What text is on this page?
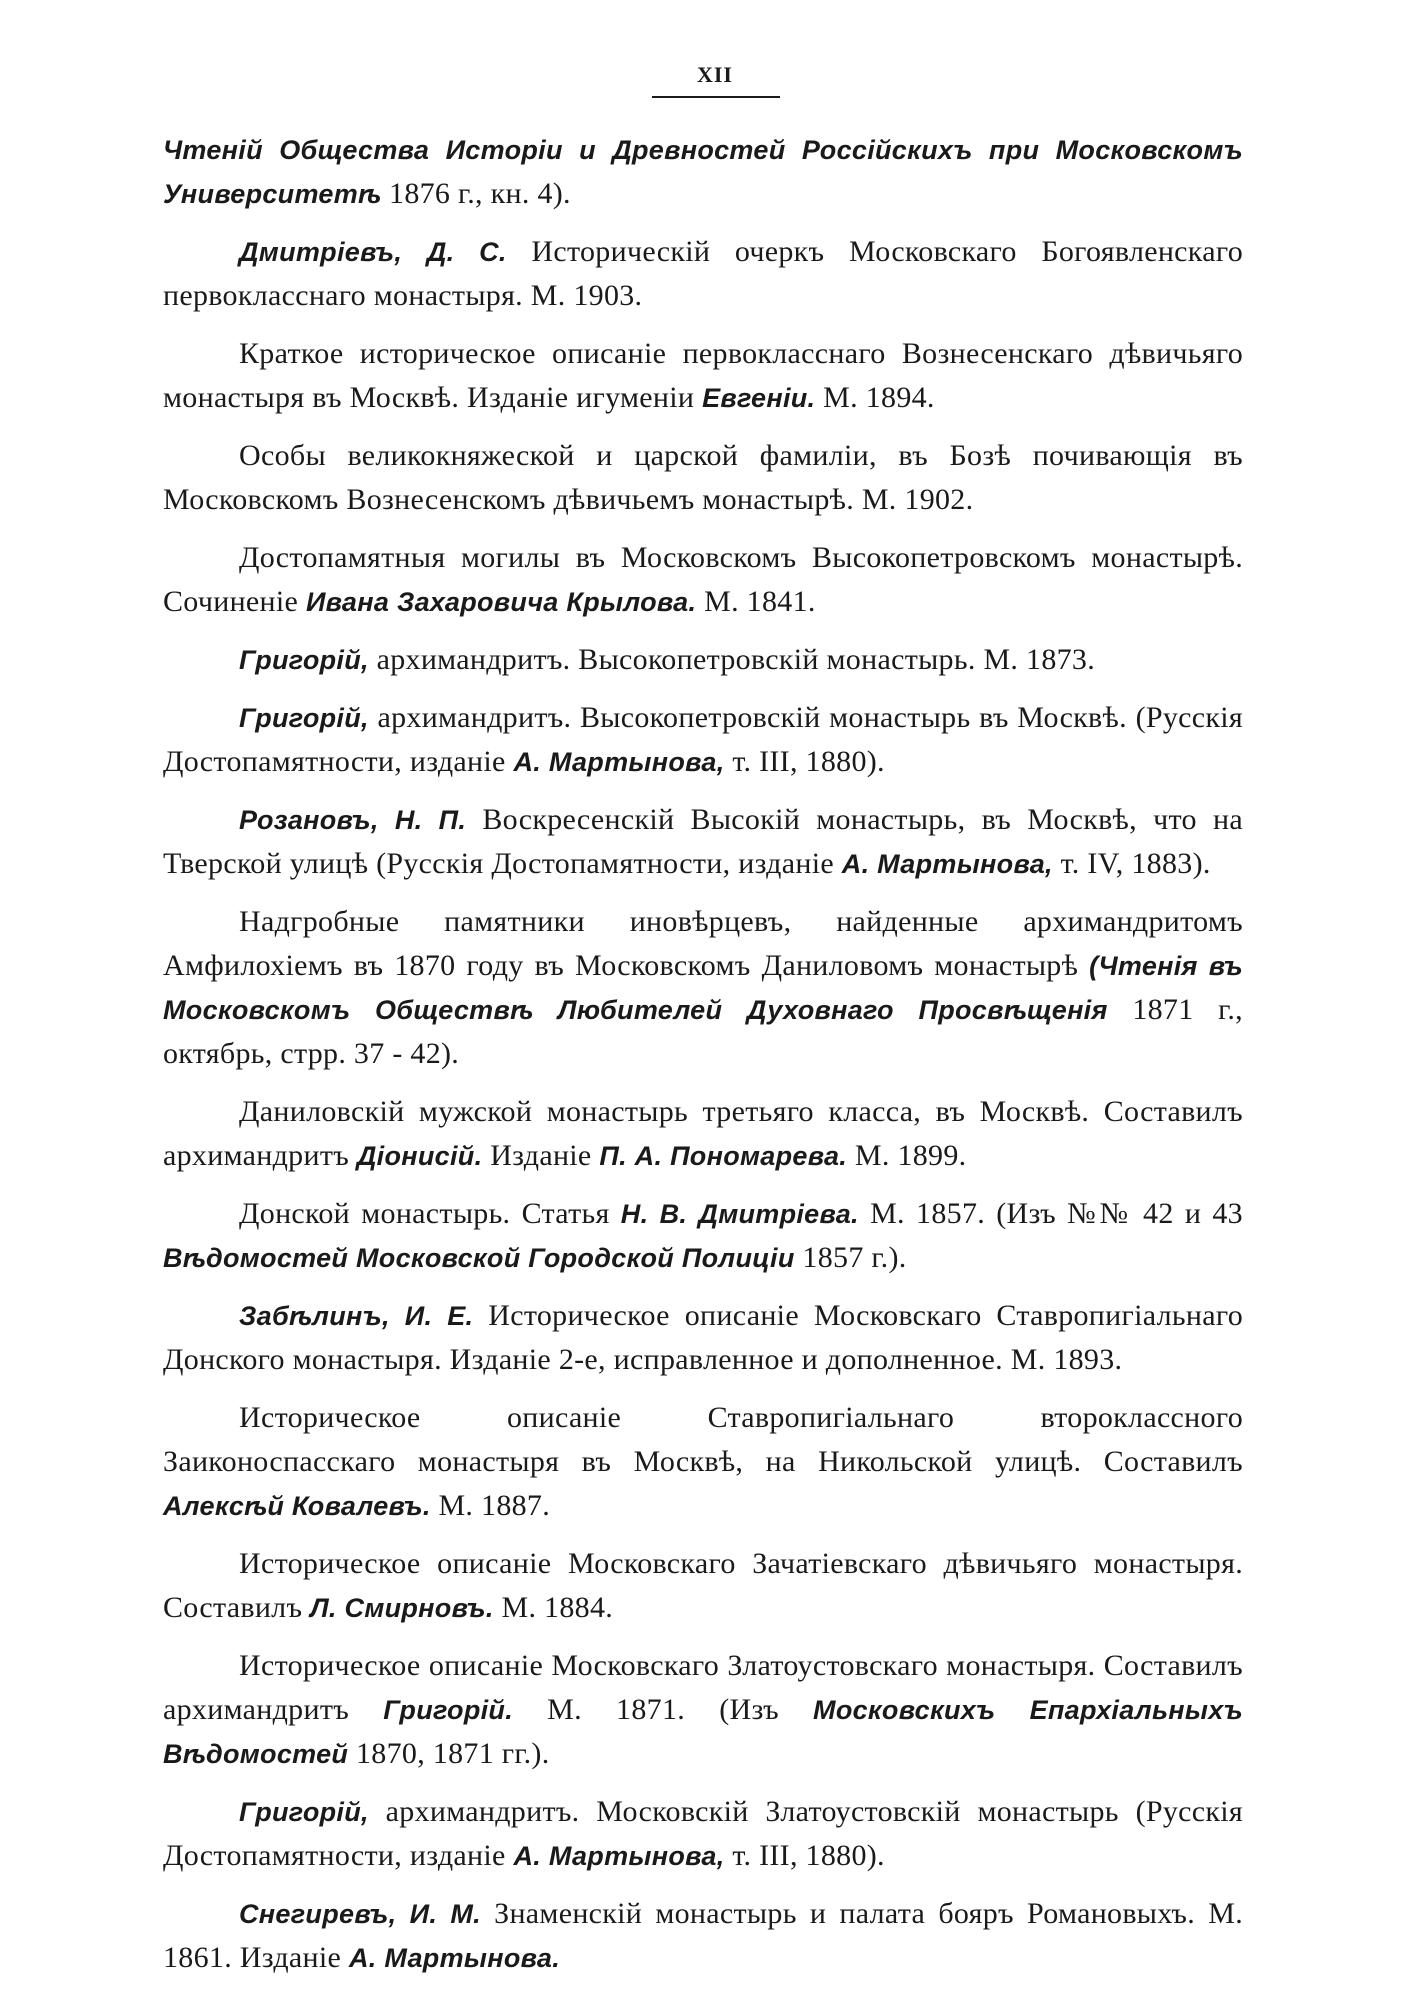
XII

Чтенiй Общества Исторiи и Древностей Россiйскихъ при Московскомъ Университетѣ 1876 г., кн. 4).

Дмитрiевъ, Д. С. Историческiй очеркъ Московскаго Богоявленскаго первокласснаго монастыря. М. 1903.

Краткое историческое описанiе первокласснаго Вознесенскаго дѣвичьяго монастыря въ Москвѣ. Изданiе игуменiи Евгенiи. М. 1894.

Особы великокняжеской и царской фамилiи, въ Бозѣ почивающiя въ Московскомъ Вознесенскомъ дѣвичьемъ монастырѣ. М. 1902.

Достопамятныя могилы въ Московскомъ Высокопетровскомъ монастырѣ. Сочиненiе Ивана Захаровича Крылова. М. 1841.

Григорiй, архимандритъ. Высокопетровскiй монастырь. М. 1873.

Григорiй, архимандритъ. Высокопетровскiй монастырь въ Москвѣ. (Русскiя Достопамятности, изданiе А. Мартынова, т. III, 1880).

Розановъ, Н. П. Воскресенскiй Высокiй монастырь, въ Москвѣ, что на Тверской улицѣ (Русскiя Достопамятности, изданiе А. Мартынова, т. IV, 1883).

Надгробные памятники иновѣрцевъ, найденные архимандритомъ Амфилохiемъ въ 1870 году въ Московскомъ Даниловомъ монастырѣ (Чтенiя въ Московскомъ Обществѣ Любителей Духовнаго Просвѣщенiя 1871 г., октябрь, стрр. 37 - 42).

Даниловскiй мужской монастырь третьяго класса, въ Москвѣ. Составилъ архимандритъ Дiонисiй. Изданiе П. А. Пономарева. М. 1899.

Донской монастырь. Статья Н. В. Дмитрiева. М. 1857. (Изъ №№ 42 и 43 Вѣдомостей Московской Городской Полицiи 1857 г.).

Забѣлинъ, И. Е. Историческое описанiе Московскаго Ставропигiальнаго Донского монастыря. Изданiе 2-е, исправленное и дополненное. М. 1893.

Историческое описанiе Ставропигiальнаго второклассного Заиконоспасскаго монастыря въ Москвѣ, на Никольской улицѣ. Составилъ Алексѣй Ковалевъ. М. 1887.

Историческое описанiе Московскаго Зачатiевскаго дѣвичьяго монастыря. Составилъ Л. Смирновъ. М. 1884.

Историческое описанiе Московскаго Златоустовскаго монастыря. Составилъ архимандритъ Григорiй. М. 1871. (Изъ Московскихъ Епархiальныхъ Вѣдомостей 1870, 1871 гг.).

Григорiй, архимандритъ. Московскiй Златоустовскiй монастырь (Русскiя Достопамятности, изданiе А. Мартынова, т. III, 1880).

Снегиревъ, И. М. Знаменскiй монастырь и палата бояръ Романовыхъ. М. 1861. Изданiе А. Мартынова.
